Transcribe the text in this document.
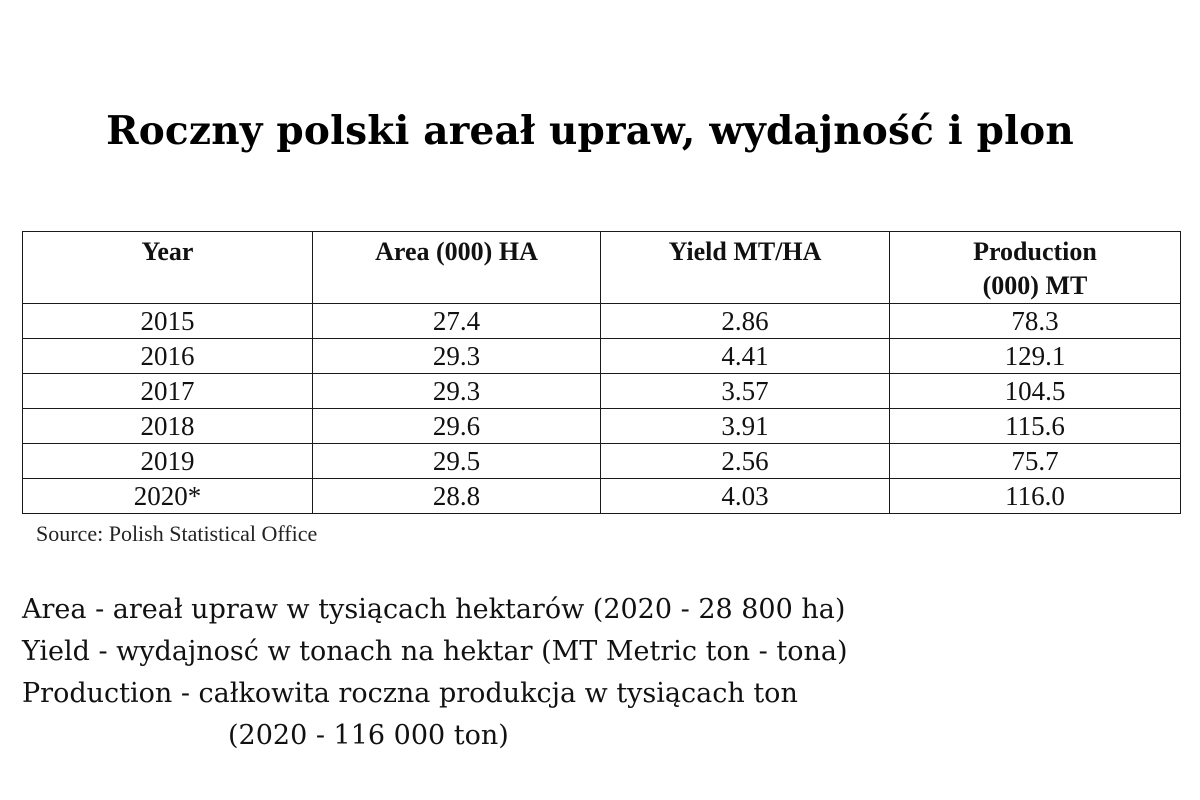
Roczny polski areał upraw, wydajność i plon
Year	Area (000) HA	Yield MT/HA	Production
(000) MT
2015	27.4	2.86	78.3
2016	29.3	4.41	129.1
2017	29.3	3.57	104.5
2018	29.6	3.91	115.6
2019	29.5	2.56	75.7
2020*	28.8	4.03	116.0
Source: Polish Statistical Office
Area - areał upraw w tysiącach hektarów (2020 - 28 800 ha)
Yield - wydajnosć w tonach na hektar (MT Metric ton - tona)
Production - całkowita roczna produkcja w tysiącach ton
(2020 - 116 000 ton)
